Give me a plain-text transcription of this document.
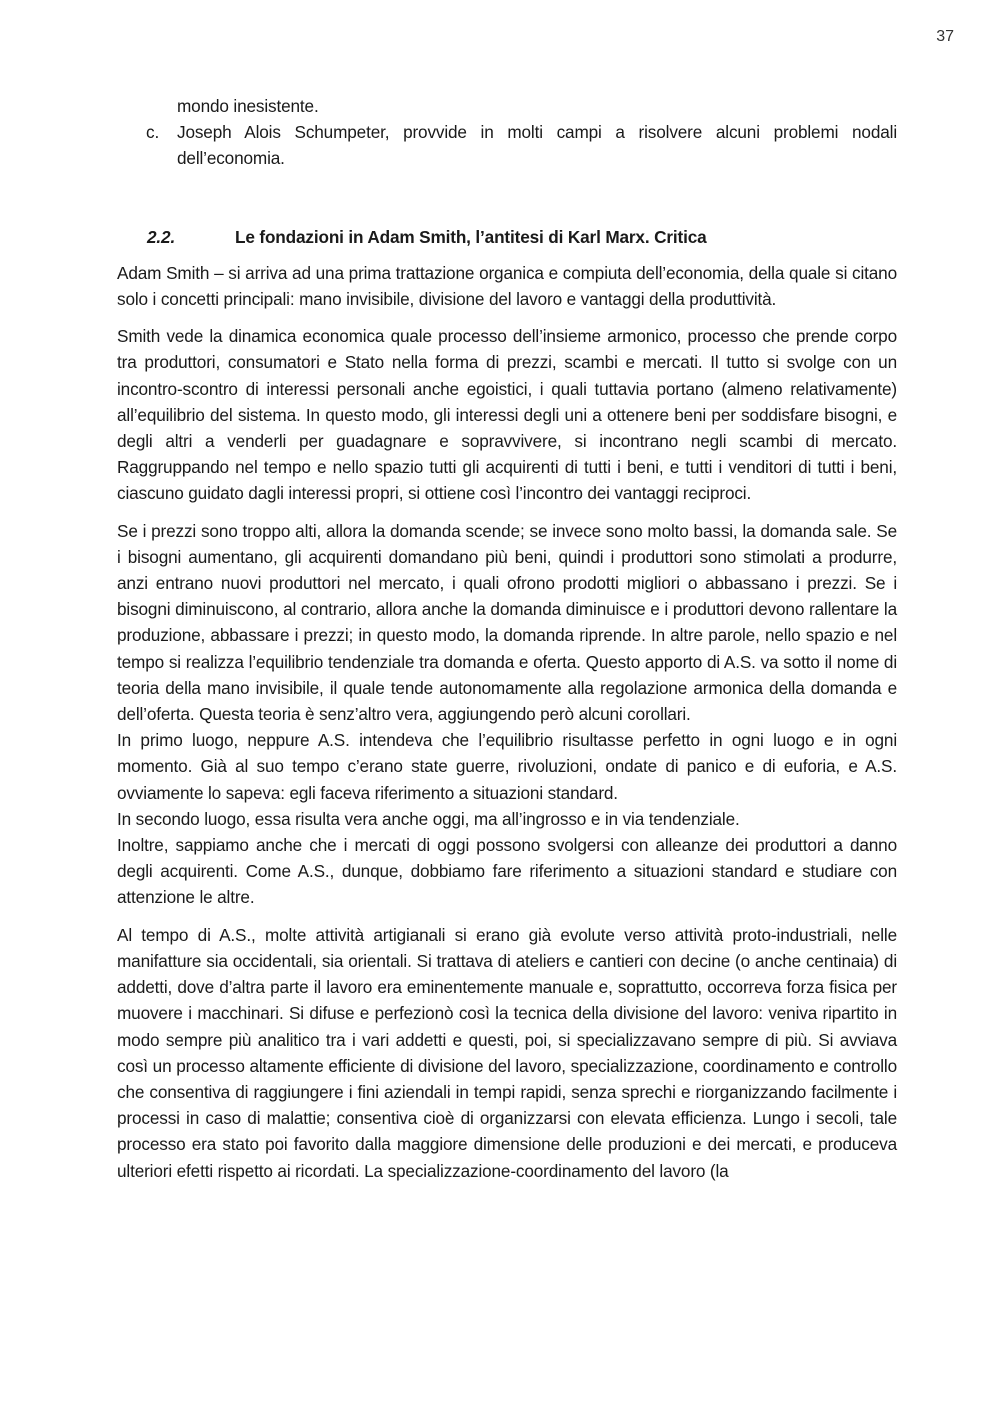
37
mondo inesistente.
c.	Joseph Alois Schumpeter, provvide in molti campi a risolvere alcuni problemi nodali dell’economia.
2.2.	Le fondazioni in Adam Smith, l’antitesi di Karl Marx. Critica

Adam Smith – si arriva ad una prima trattazione organica e compiuta dell’economia, della quale si citano solo i concetti principali: mano invisibile, divisione del lavoro e vantaggi della produttività.

Smith vede la dinamica economica quale processo dell’insieme armonico, processo che prende corpo tra produttori, consumatori e Stato nella forma di prezzi, scambi e mercati. Il tutto si svolge con un incontro-scontro di interessi personali anche egoistici, i quali tuttavia portano (almeno relativamente) all’equilibrio del sistema. In questo modo, gli interessi degli uni a ottenere beni per soddisfare bisogni, e degli altri a venderli per guadagnare e sopravvivere, si incontrano negli scambi di mercato. Raggruppando nel tempo e nello spazio tutti gli acquirenti di tutti i beni, e tutti i venditori di tutti i beni, ciascuno guidato dagli interessi propri, si ottiene così l’incontro dei vantaggi reciproci.

Se i prezzi sono troppo alti, allora la domanda scende; se invece sono molto bassi, la domanda sale. Se i bisogni aumentano, gli acquirenti domandano più beni, quindi i produttori sono stimolati a produrre, anzi entrano nuovi produttori nel mercato, i quali ofrono prodotti migliori o abbassano i prezzi. Se i bisogni diminuiscono, al contrario, allora anche la domanda diminuisce e i produttori devono rallentare la produzione, abbassare i prezzi; in questo modo, la domanda riprende. In altre parole, nello spazio e nel tempo si realizza l’equilibrio tendenziale tra domanda e oferta. Questo apporto di A.S. va sotto il nome di teoria della mano invisibile, il quale tende autonomamente alla regolazione armonica della domanda e dell’oferta. Questa teoria è senz’altro vera, aggiungendo però alcuni corollari.

In primo luogo, neppure A.S. intendeva che l’equilibrio risultasse perfetto in ogni luogo e in ogni momento. Già al suo tempo c’erano state guerre, rivoluzioni, ondate di panico e di euforia, e A.S. ovviamente lo sapeva: egli faceva riferimento a situazioni standard.

In secondo luogo, essa risulta vera anche oggi, ma all’ingrosso e in via tendenziale.

Inoltre, sappiamo anche che i mercati di oggi possono svolgersi con alleanze dei produttori a danno degli acquirenti. Come A.S., dunque, dobbiamo fare riferimento a situazioni standard e studiare con attenzione le altre.

Al tempo di A.S., molte attività artigianali si erano già evolute verso attività proto-industriali, nelle manifatture sia occidentali, sia orientali. Si trattava di ateliers e cantieri con decine (o anche centinaia) di addetti, dove d’altra parte il lavoro era eminentemente manuale e, soprattutto, occorreva forza fisica per muovere i macchinari. Si difuse e perfezionò così la tecnica della divisione del lavoro: veniva ripartito in modo sempre più analitico tra i vari addetti e questi, poi, si specializzavano sempre di più. Si avviava così un processo altamente efficiente di divisione del lavoro, specializzazione, coordinamento e controllo che consentiva di raggiungere i fini aziendali in tempi rapidi, senza sprechi e riorganizzando facilmente i processi in caso di malattie; consentiva cioè di organizzarsi con elevata efficienza. Lungo i secoli, tale processo era stato poi favorito dalla maggiore dimensione delle produzioni e dei mercati, e produceva ulteriori efetti rispetto ai ricordati. La specializzazione-coordinamento del lavoro (la
